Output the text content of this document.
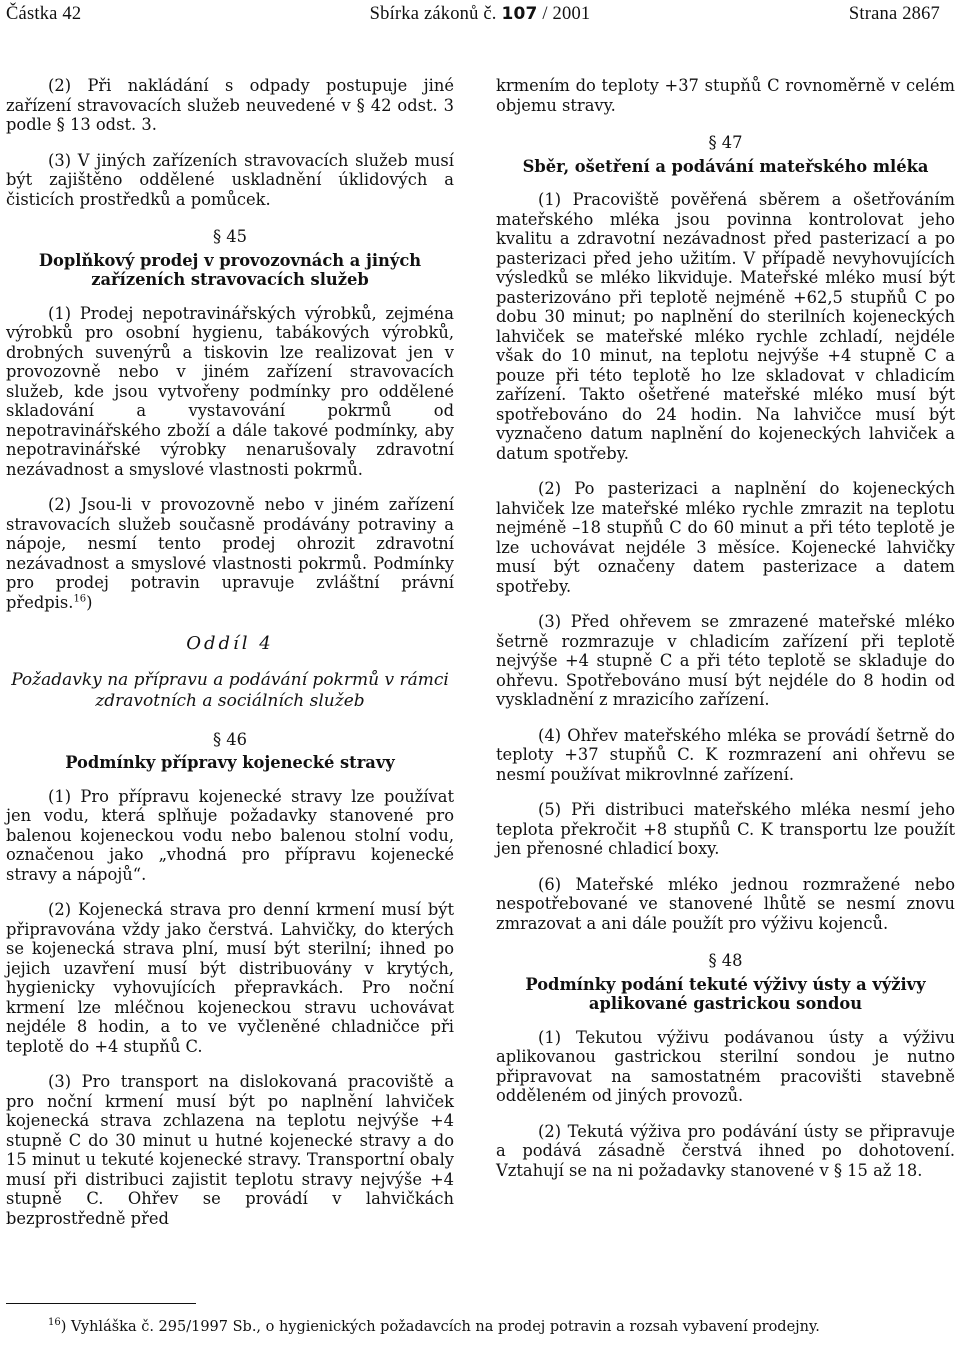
Částka 42	Sbírka zákonů č. 107 / 2001	Strana 2867

(2) Při nakládání s odpady postupuje jiné zařízení stravovacích služeb neuvedené v § 42 odst. 3 podle § 13 odst. 3.

(3) V jiných zařízeních stravovacích služeb musí být zajištěno oddělené uskladnění úklidových a čisticích prostředků a pomůcek.

§ 45
Doplňkový prodej v provozovnách a jiných zařízeních stravovacích služeb

(1) Prodej nepotravinářských výrobků, zejména výrobků pro osobní hygienu, tabákových výrobků, drobných suvenýrů a tiskovin lze realizovat jen v provozovně nebo v jiném zařízení stravovacích služeb, kde jsou vytvořeny podmínky pro oddělené skladování a vystavování pokrmů od nepotravinářského zboží a dále takové podmínky, aby nepotravinářské výrobky nenarušovaly zdravotní nezávadnost a smyslové vlastnosti pokrmů.

(2) Jsou-li v provozovně nebo v jiném zařízení stravovacích služeb současně prodávány potraviny a nápoje, nesmí tento prodej ohrozit zdravotní nezávadnost a smyslové vlastnosti pokrmů. Podmínky pro prodej potravin upravuje zvláštní právní předpis.$^{16}$)

Oddíl 4
Požadavky na přípravu a podávání pokrmů v rámci zdravotních a sociálních služeb
§ 46
Podmínky přípravy kojenecké stravy

(1) Pro přípravu kojenecké stravy lze používat jen vodu, která splňuje požadavky stanovené pro balenou kojeneckou vodu nebo balenou stolní vodu, označenou jako „vhodná pro přípravu kojenecké stravy a nápojů“.

(2) Kojenecká strava pro denní krmení musí být připravována vždy jako čerstvá. Lahvičky, do kterých se kojenecká strava plní, musí být sterilní; ihned po jejich uzavření musí být distribuovány v krytých, hygienicky vyhovujících přepravkách. Pro noční krmení lze mléčnou kojeneckou stravu uchovávat nejdéle 8 hodin, a to ve vyčleněné chladničce při teplotě do +4 stupňů C.

(3) Pro transport na dislokovaná pracoviště a pro noční krmení musí být po naplnění lahviček kojenecká strava zchlazena na teplotu nejvýše +4 stupně C do 30 minut u hutné kojenecké stravy a do 15 minut u tekuté kojenecké stravy. Transportní obaly musí při distribuci zajistit teplotu stravy nejvýše +4 stupně C. Ohřev se provádí v lahvičkách bezprostředně před

krmením do teploty +37 stupňů C rovnoměrně v celém objemu stravy.

§ 47
Sběr, ošetření a podávání mateřského mléka

(1) Pracoviště pověřená sběrem a ošetřováním mateřského mléka jsou povinna kontrolovat jeho kvalitu a zdravotní nezávadnost před pasterizací a po pasterizaci před jeho užitím. V případě nevyhovujících výsledků se mléko likviduje. Mateřské mléko musí být pasterizováno při teplotě nejméně +62,5 stupňů C po dobu 30 minut; po naplnění do sterilních kojeneckých lahviček se mateřské mléko rychle zchladí, nejdéle však do 10 minut, na teplotu nejvýše +4 stupně C a pouze při této teplotě ho lze skladovat v chladicím zařízení. Takto ošetřené mateřské mléko musí být spotřebováno do 24 hodin. Na lahvičce musí být vyznačeno datum naplnění do kojeneckých lahviček a datum spotřeby.

(2) Po pasterizaci a naplnění do kojeneckých lahviček lze mateřské mléko rychle zmrazit na teplotu nejméně –18 stupňů C do 60 minut a při této teplotě je lze uchovávat nejdéle 3 měsíce. Kojenecké lahvičky musí být označeny datem pasterizace a datem spotřeby.

(3) Před ohřevem se zmrazené mateřské mléko šetrně rozmrazuje v chladicím zařízení při teplotě nejvýše +4 stupně C a při této teplotě se skladuje do ohřevu. Spotřebováno musí být nejdéle do 8 hodin od vyskladnění z mrazicího zařízení.

(4) Ohřev mateřského mléka se provádí šetrně do teploty +37 stupňů C. K rozmrazení ani ohřevu se nesmí používat mikrovlnné zařízení.

(5) Při distribuci mateřského mléka nesmí jeho teplota překročit +8 stupňů C. K transportu lze použít jen přenosné chladicí boxy.

(6) Mateřské mléko jednou rozmražené nebo nespotřebované ve stanovené lhůtě se nesmí znovu zmrazovat a ani dále použít pro výživu kojenců.

§ 48
Podmínky podání tekuté výživy ústy a výživy aplikované gastrickou sondou

(1) Tekutou výživu podávanou ústy a výživu aplikovanou gastrickou sterilní sondou je nutno připravovat na samostatném pracovišti stavebně odděleném od jiných provozů.

(2) Tekutá výživa pro podávání ústy se připravuje a podává zásadně čerstvá ihned po dohotovení. Vztahují se na ni požadavky stanovené v § 15 až 18.

$^{16}$) Vyhláška č. 295/1997 Sb., o hygienických požadavcích na prodej potravin a rozsah vybavení prodejny.
